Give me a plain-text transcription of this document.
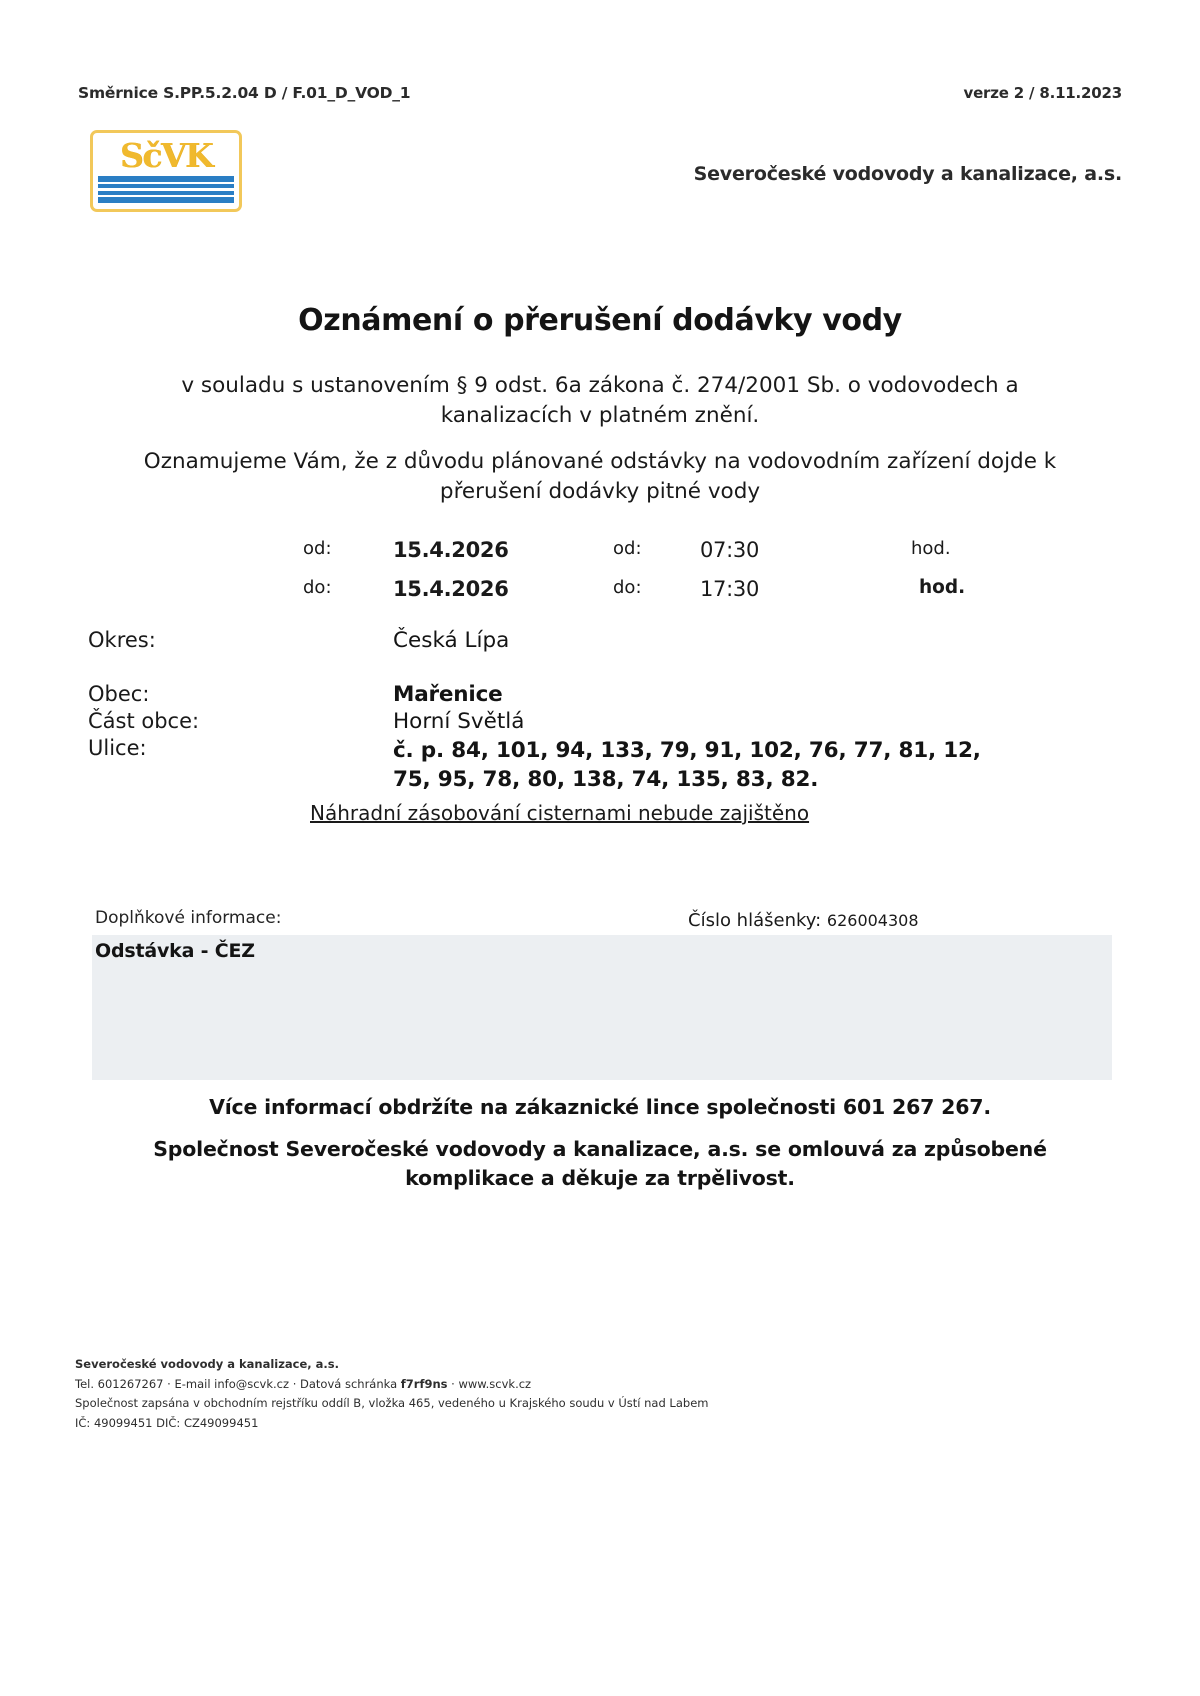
Směrnice S.PP.5.2.04 D / F.01_D_VOD_1	verze 2 / 8.11.2023
SčVK	Severočeské vodovody a kanalizace, a.s.
Oznámení o přerušení dodávky vody
v souladu s ustanovením § 9 odst. 6a zákona č. 274/2001 Sb. o vodovodech a kanalizacích v platném znění.
Oznamujeme Vám, že z důvodu plánované odstávky na vodovodním zařízení dojde k přerušení dodávky pitné vody
od:	15.4.2026	od:	07:30	hod.
do:	15.4.2026	do:	17:30	hod.
Okres:	Česká Lípa
Obec:	Mařenice
Část obce:	Horní Světlá
Ulice:	č. p. 84, 101, 94, 133, 79, 91, 102, 76, 77, 81, 12, 75, 95, 78, 80, 138, 74, 135, 83, 82.
Náhradní zásobování cisternami nebude zajištěno
Doplňkové informace:	Číslo hlášenky: 626004308
Odstávka - ČEZ
Více informací obdržíte na zákaznické lince společnosti 601 267 267.
Společnost Severočeské vodovody a kanalizace, a.s. se omlouvá za způsobené komplikace a děkuje za trpělivost.
Severočeské vodovody a kanalizace, a.s.
Tel. 601267267 · E-mail info@scvk.cz · Datová schránka f7rf9ns · www.scvk.cz
Společnost zapsána v obchodním rejstříku oddíl B, vložka 465, vedeného u Krajského soudu v Ústí nad Labem
IČ: 49099451 DIČ: CZ49099451
